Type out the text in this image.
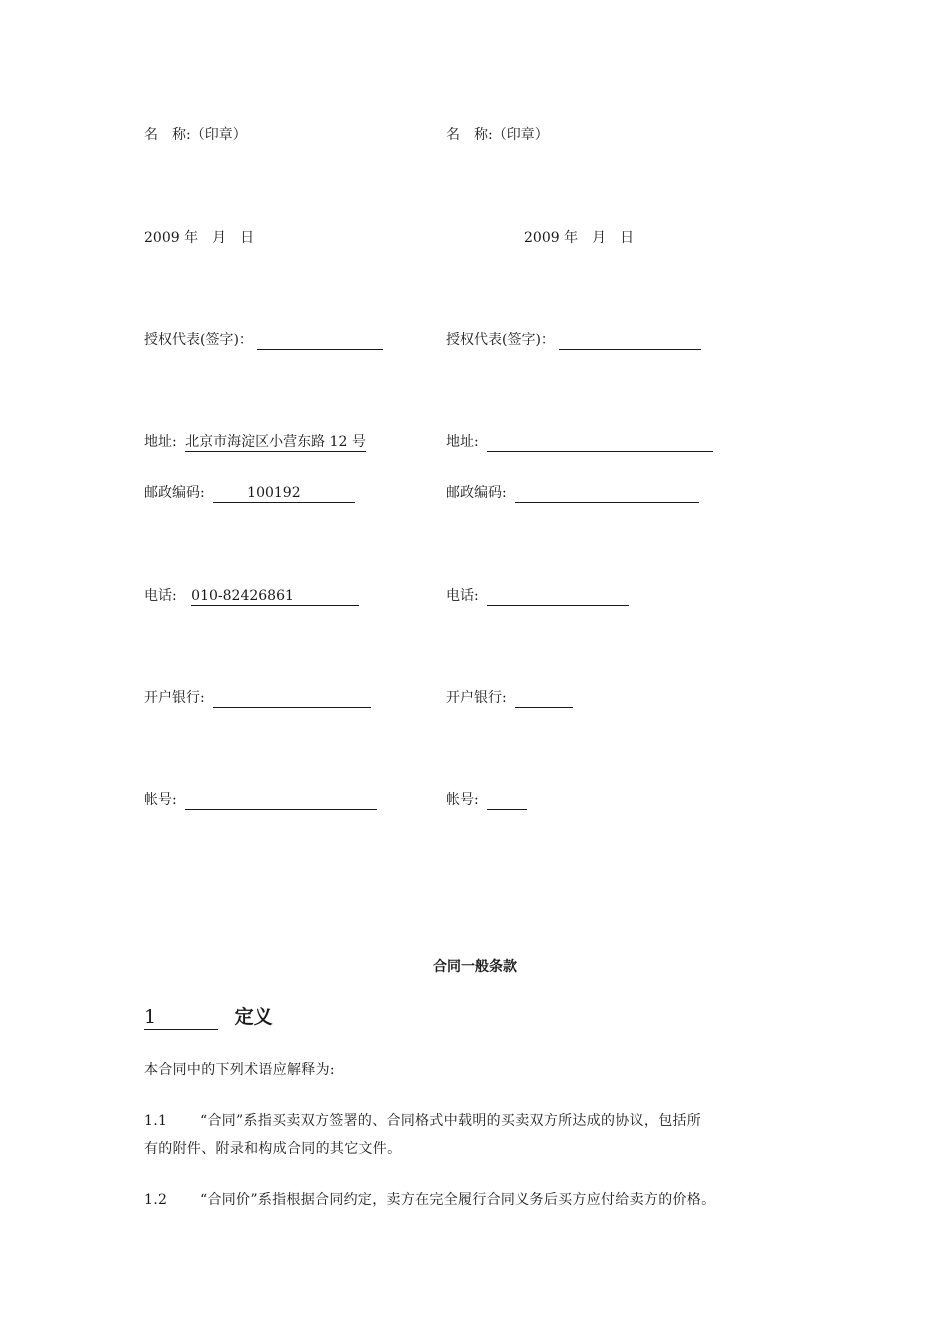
名　称:（印章）
2009 年　月　日
授权代表(签字)：
地址: 北京市海淀区小营东路 12 号
邮政编码:	100192
电话: 010-82426861
开户银行:
帐号:
名　称:（印章）
2009 年　月　日
授权代表(签字)：
地址:
邮政编码:
电话:
开户银行:
帐号:
合同一般条款
1	定义
本合同中的下列术语应解释为:
1.1 “合同”系指买卖双方签署的、合同格式中载明的买卖双方所达成的协议，包括所
有的附件、附录和构成合同的其它文件。
1.2 “合同价”系指根据合同约定，卖方在完全履行合同义务后买方应付给卖方的价格。
